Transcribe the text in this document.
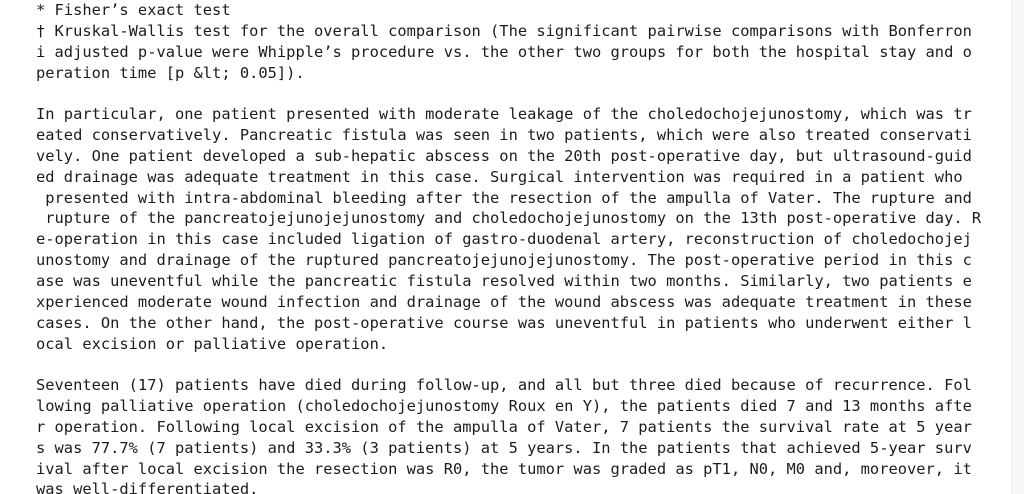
* Fisher’s exact test
† Kruskal-Wallis test for the overall comparison (The significant pairwise comparisons with Bonferron
i adjusted p-value were Whipple’s procedure vs. the other two groups for both the hospital stay and o
peration time [p &lt; 0.05]).
In particular, one patient presented with moderate leakage of the choledochojejunostomy, which was tr
eated conservatively. Pancreatic fistula was seen in two patients, which were also treated conservati
vely. One patient developed a sub-hepatic abscess on the 20th post-operative day, but ultrasound-guid
ed drainage was adequate treatment in this case. Surgical intervention was required in a patient who
presented with intra-abdominal bleeding after the resection of the ampulla of Vater. The rupture and
rupture of the pancreatojejunojejunostomy and choledochojejunostomy on the 13th post-operative day. R
e-operation in this case included ligation of gastro-duodenal artery, reconstruction of choledochojej
unostomy and drainage of the ruptured pancreatojejunojejunostomy. The post-operative period in this c
ase was uneventful while the pancreatic fistula resolved within two months. Similarly, two patients e
xperienced moderate wound infection and drainage of the wound abscess was adequate treatment in these
cases. On the other hand, the post-operative course was uneventful in patients who underwent either l
ocal excision or palliative operation.
Seventeen (17) patients have died during follow-up, and all but three died because of recurrence. Fol
lowing palliative operation (choledochojejunostomy Roux en Y), the patients died 7 and 13 months afte
r operation. Following local excision of the ampulla of Vater, 7 patients the survival rate at 5 year
s was 77.7% (7 patients) and 33.3% (3 patients) at 5 years. In the patients that achieved 5-year surv
ival after local excision the resection was R0, the tumor was graded as pT1, N0, M0 and, moreover, it
was well-differentiated.
